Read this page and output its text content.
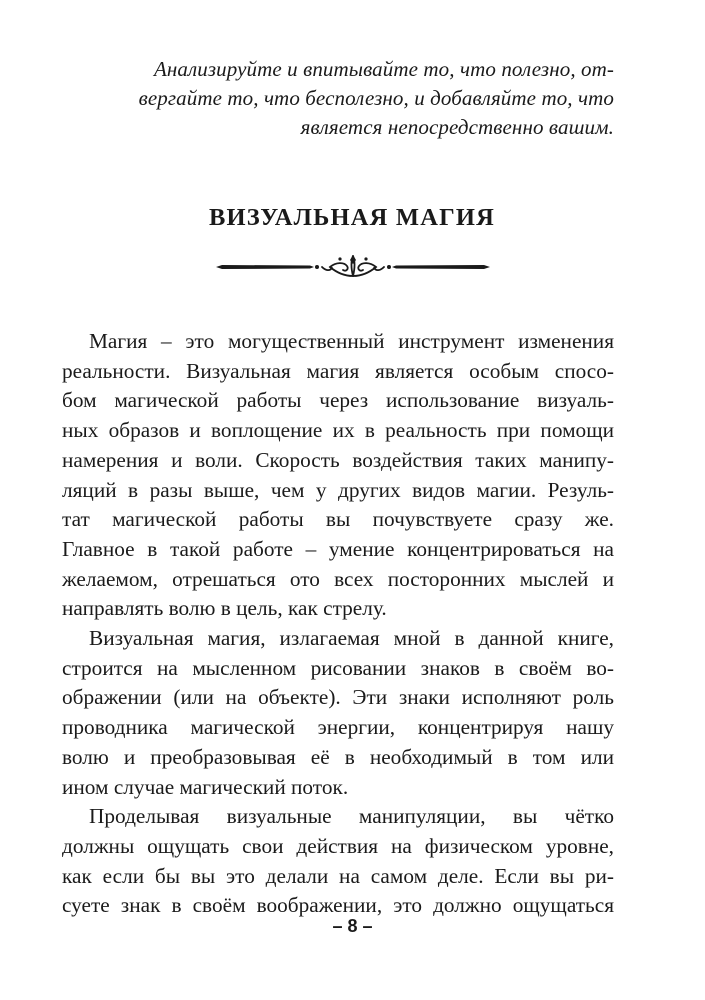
Анализируйте и впитывайте то, что полезно, от-
вергайте то, что бесполезно, и добавляйте то, что
является непосредственно вашим.
ВИЗУАЛЬНАЯ МАГИЯ
Магия – это могущественный инструмент изменения
реальности. Визуальная магия является особым спосо-
бом магической работы через использование визуаль-
ных образов и воплощение их в реальность при помощи
намерения и воли. Скорость воздействия таких манипу-
ляций в разы выше, чем у других видов магии. Резуль-
тат магической работы вы почувствуете сразу же.
Главное в такой работе – умение концентрироваться на
желаемом, отрешаться ото всех посторонних мыслей и
направлять волю в цель, как стрелу.
Визуальная магия, излагаемая мной в данной книге,
строится на мысленном рисовании знаков в своём во-
ображении (или на объекте). Эти знаки исполняют роль
проводника магической энергии, концентрируя нашу
волю и преобразовывая её в необходимый в том или
ином случае магический поток.
Проделывая визуальные манипуляции, вы чётко
должны ощущать свои действия на физическом уровне,
как если бы вы это делали на самом деле. Если вы ри-
суете знак в своём воображении, это должно ощущаться
– 8 –
